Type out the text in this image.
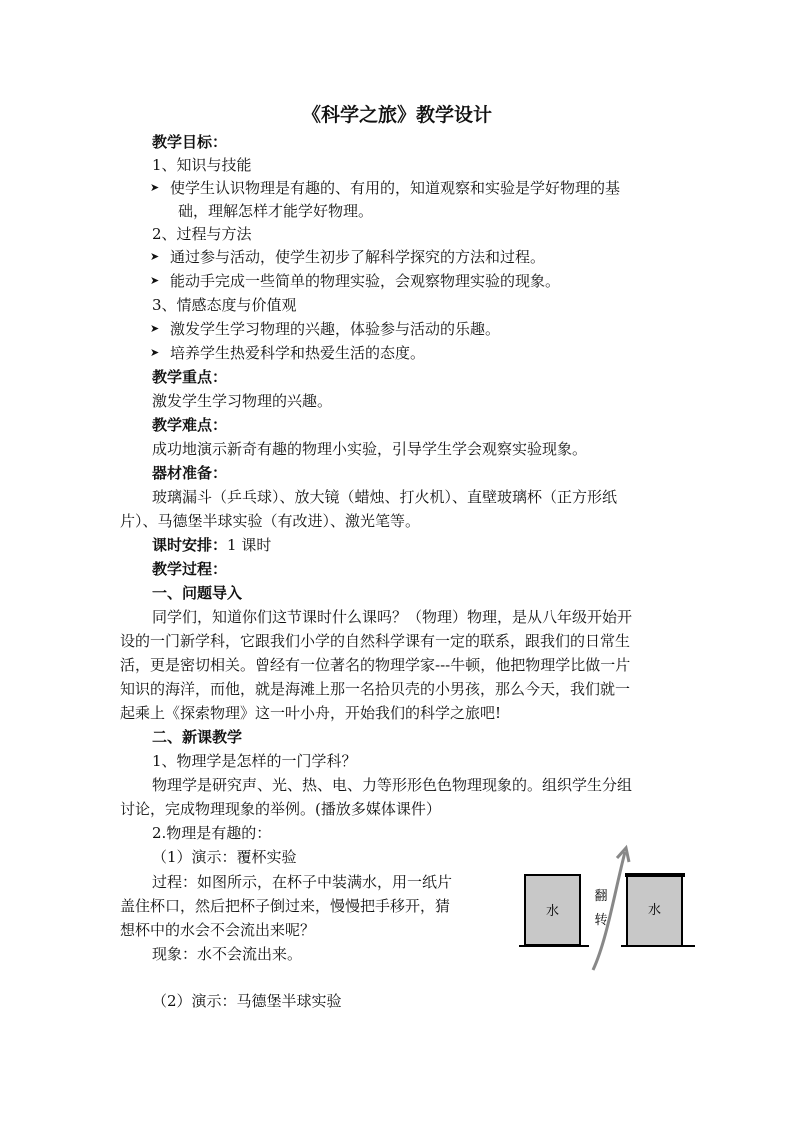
《科学之旅》教学设计
教学目标：
1、知识与技能
➤ 使学生认识物理是有趣的、有用的，知道观察和实验是学好物理的基
础，理解怎样才能学好物理。
2、过程与方法
➤ 通过参与活动，使学生初步了解科学探究的方法和过程。
➤ 能动手完成一些简单的物理实验，会观察物理实验的现象。
3、情感态度与价值观
➤ 激发学生学习物理的兴趣，体验参与活动的乐趣。
➤ 培养学生热爱科学和热爱生活的态度。
教学重点：
激发学生学习物理的兴趣。
教学难点：
成功地演示新奇有趣的物理小实验，引导学生学会观察实验现象。
器材准备：
玻璃漏斗（乒乓球）、放大镜（蜡烛、打火机）、直壁玻璃杯（正方形纸
片）、马德堡半球实验（有改进）、激光笔等。
课时安排：1 课时
教学过程：
一、问题导入
同学们，知道你们这节课时什么课吗？（物理）物理，是从八年级开始开
设的一门新学科，它跟我们小学的自然科学课有一定的联系，跟我们的日常生
活，更是密切相关。曾经有一位著名的物理学家---牛顿，他把物理学比做一片
知识的海洋，而他，就是海滩上那一名拾贝壳的小男孩，那么今天，我们就一
起乘上《探索物理》这一叶小舟，开始我们的科学之旅吧!
二、新课教学
1、物理学是怎样的一门学科？
物理学是研究声、光、热、电、力等形形色色物理现象的。组织学生分组
讨论，完成物理现象的举例。(播放多媒体课件）
2.物理是有趣的：
（1）演示：覆杯实验
过程：如图所示，在杯子中装满水，用一纸片
盖住杯口，然后把杯子倒过来，慢慢把手移开，猜
想杯中的水会不会流出来呢？
现象：水不会流出来。
（2）演示：马德堡半球实验
水
翻
转
水
